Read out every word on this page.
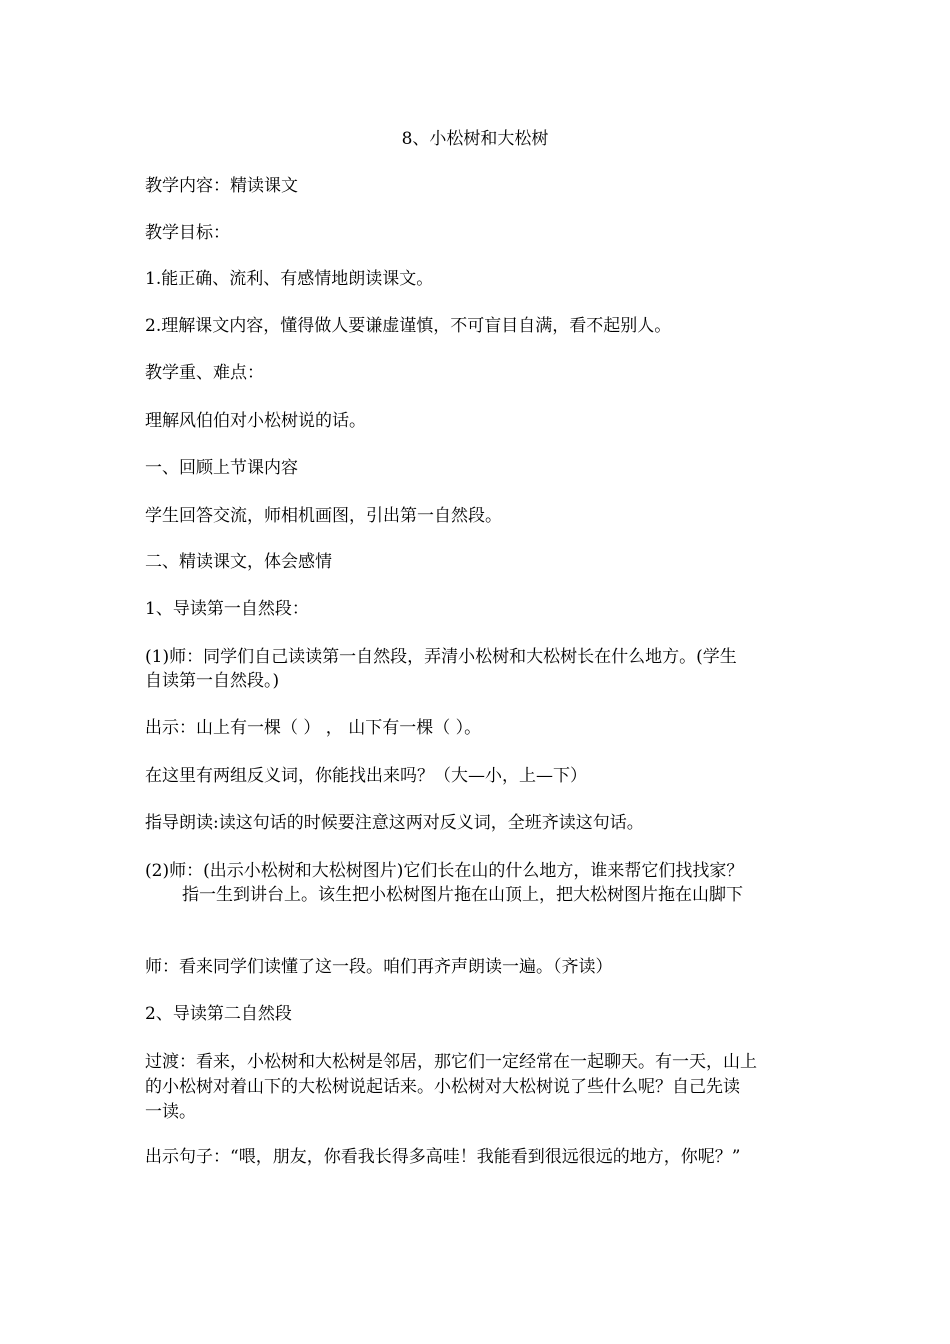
8、小松树和大松树
教学内容：精读课文
教学目标：
1.能正确、流利、有感情地朗读课文。
2.理解课文内容，懂得做人要谦虚谨慎，不可盲目自满，看不起别人。
教学重、难点：
理解风伯伯对小松树说的话。
一、回顾上节课内容
学生回答交流，师相机画图，引出第一自然段。
二、精读课文，体会感情
1、导读第一自然段：
(1)师：同学们自己读读第一自然段，弄清小松树和大松树长在什么地方。(学生
自读第一自然段。)
出示：山上有一棵（ ） ， 山下有一棵（ ）。
在这里有两组反义词，你能找出来吗？（大—小，上—下）
指导朗读:读这句话的时候要注意这两对反义词，全班齐读这句话。
(2)师：(出示小松树和大松树图片)它们长在山的什么地方，谁来帮它们找找家？
指一生到讲台上。该生把小松树图片拖在山顶上，把大松树图片拖在山脚下
师：看来同学们读懂了这一段。咱们再齐声朗读一遍。（齐读）
2、导读第二自然段
过渡：看来，小松树和大松树是邻居，那它们一定经常在一起聊天。有一天，山上
的小松树对着山下的大松树说起话来。小松树对大松树说了些什么呢？自己先读
一读。
出示句子：“喂，朋友，你看我长得多高哇！我能看到很远很远的地方，你呢？”
